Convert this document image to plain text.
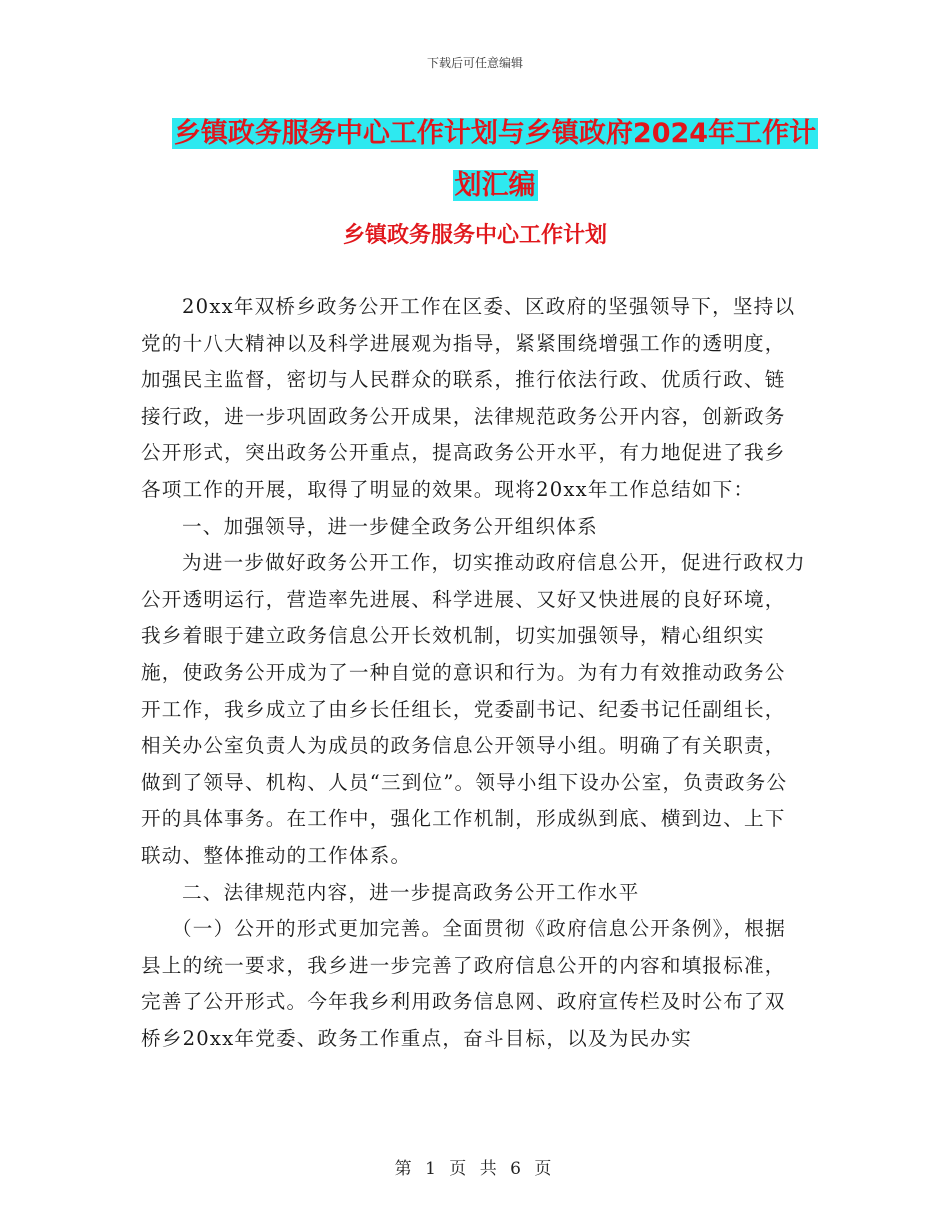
下载后可任意编辑
乡镇政务服务中心工作计划与乡镇政府2024年工作计
划汇编
乡镇政务服务中心工作计划

20xx年双桥乡政务公开工作在区委、区政府的坚强领导下，坚持以党的十八大精神以及科学进展观为指导，紧紧围绕增强工作的透明度，加强民主监督，密切与人民群众的联系，推行依法行政、优质行政、链接行政，进一步巩固政务公开成果，法律规范政务公开内容，创新政务公开形式，突出政务公开重点，提高政务公开水平，有力地促进了我乡各项工作的开展，取得了明显的效果。现将20xx年工作总结如下：

一、加强领导，进一步健全政务公开组织体系

为进一步做好政务公开工作，切实推动政府信息公开，促进行政权力公开透明运行，营造率先进展、科学进展、又好又快进展的良好环境，我乡着眼于建立政务信息公开长效机制，切实加强领导，精心组织实施，使政务公开成为了一种自觉的意识和行为。为有力有效推动政务公开工作，我乡成立了由乡长任组长，党委副书记、纪委书记任副组长，相关办公室负责人为成员的政务信息公开领导小组。明确了有关职责，做到了领导、机构、人员“三到位”。领导小组下设办公室，负责政务公开的具体事务。在工作中，强化工作机制，形成纵到底、横到边、上下联动、整体推动的工作体系。

二、法律规范内容，进一步提高政务公开工作水平

（一）公开的形式更加完善。全面贯彻《政府信息公开条例》，根据县上的统一要求，我乡进一步完善了政府信息公开的内容和填报标准，完善了公开形式。今年我乡利用政务信息网、政府宣传栏及时公布了双桥乡20xx年党委、政务工作重点，奋斗目标，以及为民办实

第 1 页 共 6 页
